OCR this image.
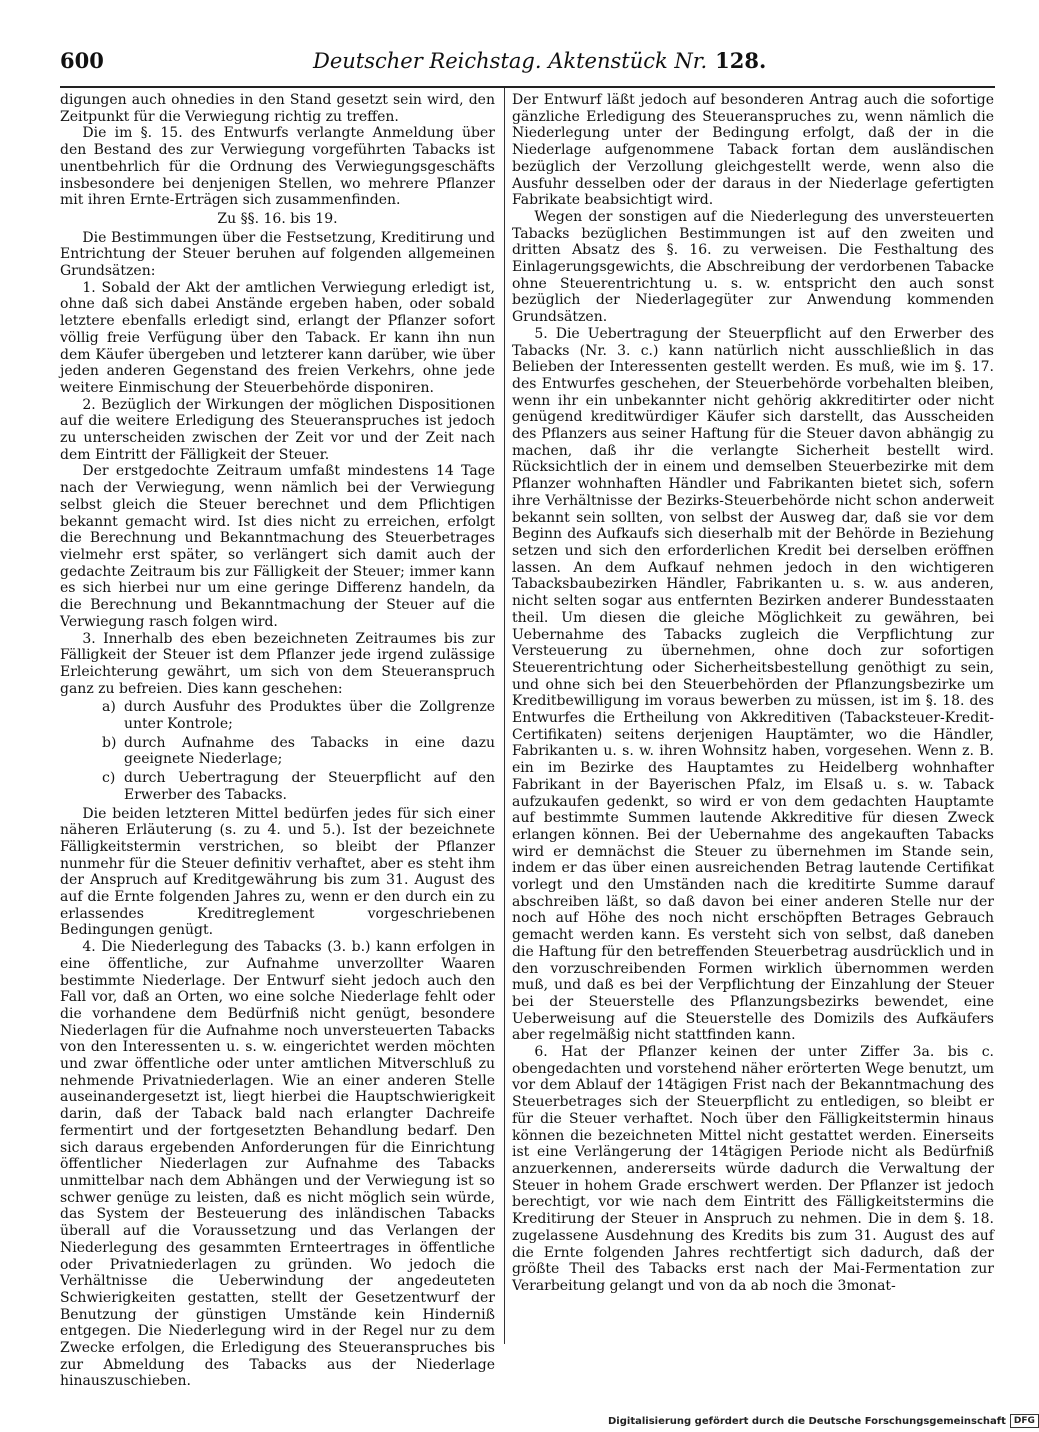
600	Deutscher Reichstag. Aktenstück Nr. 128.

digungen auch ohnedies in den Stand gesetzt sein wird, den Zeitpunkt für die Verwiegung richtig zu treffen.

Die im §. 15. des Entwurfs verlangte Anmeldung über den Bestand des zur Verwiegung vorgeführten Tabacks ist unentbehrlich für die Ordnung des Verwiegungsgeschäfts insbesondere bei denjenigen Stellen, wo mehrere Pflanzer mit ihren Ernte-Erträgen sich zusammenfinden.

Zu §§. 16. bis 19.

Die Bestimmungen über die Festsetzung, Kreditirung und Entrichtung der Steuer beruhen auf folgenden allgemeinen Grundsätzen:

1. Sobald der Akt der amtlichen Verwiegung erledigt ist, ohne daß sich dabei Anstände ergeben haben, oder sobald letztere ebenfalls erledigt sind, erlangt der Pflanzer sofort völlig freie Verfügung über den Taback. Er kann ihn nun dem Käufer übergeben und letzterer kann darüber, wie über jeden anderen Gegenstand des freien Verkehrs, ohne jede weitere Einmischung der Steuerbehörde disponiren.

2. Bezüglich der Wirkungen der möglichen Dispositionen auf die weitere Erledigung des Steueranspruches ist jedoch zu unterscheiden zwischen der Zeit vor und der Zeit nach dem Eintritt der Fälligkeit der Steuer.

Der erstgedochte Zeitraum umfaßt mindestens 14 Tage nach der Verwiegung, wenn nämlich bei der Verwiegung selbst gleich die Steuer berechnet und dem Pflichtigen bekannt gemacht wird. Ist dies nicht zu erreichen, erfolgt die Berechnung und Bekanntmachung des Steuerbetrages vielmehr erst später, so verlängert sich damit auch der gedachte Zeitraum bis zur Fälligkeit der Steuer; immer kann es sich hierbei nur um eine geringe Differenz handeln, da die Berechnung und Bekanntmachung der Steuer auf die Verwiegung rasch folgen wird.

3. Innerhalb des eben bezeichneten Zeitraumes bis zur Fälligkeit der Steuer ist dem Pflanzer jede irgend zulässige Erleichterung gewährt, um sich von dem Steueranspruch ganz zu befreien. Dies kann geschehen:

a) durch Ausfuhr des Produktes über die Zollgrenze unter Kontrole;
b) durch Aufnahme des Tabacks in eine dazu geeignete Niederlage;
c) durch Uebertragung der Steuerpflicht auf den Erwerber des Tabacks.

Die beiden letzteren Mittel bedürfen jedes für sich einer näheren Erläuterung (s. zu 4. und 5.). Ist der bezeichnete Fälligkeitstermin verstrichen, so bleibt der Pflanzer nunmehr für die Steuer definitiv verhaftet, aber es steht ihm der Anspruch auf Kreditgewährung bis zum 31. August des auf die Ernte folgenden Jahres zu, wenn er den durch ein zu erlassendes Kreditreglement vorgeschriebenen Bedingungen genügt.

4. Die Niederlegung des Tabacks (3. b.) kann erfolgen in eine öffentliche, zur Aufnahme unverzollter Waaren bestimmte Niederlage. Der Entwurf sieht jedoch auch den Fall vor, daß an Orten, wo eine solche Niederlage fehlt oder die vorhandene dem Bedürfniß nicht genügt, besondere Niederlagen für die Aufnahme noch unversteuerten Tabacks von den Interessenten u. s. w. eingerichtet werden möchten und zwar öffentliche oder unter amtlichen Mitverschluß zu nehmende Privatniederlagen. Wie an einer anderen Stelle auseinandergesetzt ist, liegt hierbei die Hauptschwierigkeit darin, daß der Taback bald nach erlangter Dachreife fermentirt und der fortgesetzten Behandlung bedarf. Den sich daraus ergebenden Anforderungen für die Einrichtung öffentlicher Niederlagen zur Aufnahme des Tabacks unmittelbar nach dem Abhängen und der Verwiegung ist so schwer genüge zu leisten, daß es nicht möglich sein würde, das System der Besteuerung des inländischen Tabacks überall auf die Voraussetzung und das Verlangen der Niederlegung des gesammten Ernteertrages in öffentliche oder Privatniederlagen zu gründen. Wo jedoch die Verhältnisse die Ueberwindung der angedeuteten Schwierigkeiten gestatten, stellt der Gesetzentwurf der Benutzung der günstigen Umstände kein Hinderniß entgegen. Die Niederlegung wird in der Regel nur zu dem Zwecke erfolgen, die Erledigung des Steueranspruches bis zur Abmeldung des Tabacks aus der Niederlage hinauszuschieben.

Der Entwurf läßt jedoch auf besonderen Antrag auch die sofortige gänzliche Erledigung des Steueranspruches zu, wenn nämlich die Niederlegung unter der Bedingung erfolgt, daß der in die Niederlage aufgenommene Taback fortan dem ausländischen bezüglich der Verzollung gleichgestellt werde, wenn also die Ausfuhr desselben oder der daraus in der Niederlage gefertigten Fabrikate beabsichtigt wird.

Wegen der sonstigen auf die Niederlegung des unversteuerten Tabacks bezüglichen Bestimmungen ist auf den zweiten und dritten Absatz des §. 16. zu verweisen. Die Festhaltung des Einlagerungsgewichts, die Abschreibung der verdorbenen Tabacke ohne Steuerentrichtung u. s. w. entspricht den auch sonst bezüglich der Niederlagegüter zur Anwendung kommenden Grundsätzen.

5. Die Uebertragung der Steuerpflicht auf den Erwerber des Tabacks (Nr. 3. c.) kann natürlich nicht ausschließlich in das Belieben der Interessenten gestellt werden. Es muß, wie im §. 17. des Entwurfes geschehen, der Steuerbehörde vorbehalten bleiben, wenn ihr ein unbekannter nicht gehörig akkreditirter oder nicht genügend kreditwürdiger Käufer sich darstellt, das Ausscheiden des Pflanzers aus seiner Haftung für die Steuer davon abhängig zu machen, daß ihr die verlangte Sicherheit bestellt wird. Rücksichtlich der in einem und demselben Steuerbezirke mit dem Pflanzer wohnhaften Händler und Fabrikanten bietet sich, sofern ihre Verhältnisse der Bezirks-Steuerbehörde nicht schon anderweit bekannt sein sollten, von selbst der Ausweg dar, daß sie vor dem Beginn des Aufkaufs sich dieserhalb mit der Behörde in Beziehung setzen und sich den erforderlichen Kredit bei derselben eröffnen lassen. An dem Aufkauf nehmen jedoch in den wichtigeren Tabacksbaubezirken Händler, Fabrikanten u. s. w. aus anderen, nicht selten sogar aus entfernten Bezirken anderer Bundesstaaten theil. Um diesen die gleiche Möglichkeit zu gewähren, bei Uebernahme des Tabacks zugleich die Verpflichtung zur Versteuerung zu übernehmen, ohne doch zur sofortigen Steuerentrichtung oder Sicherheitsbestellung genöthigt zu sein, und ohne sich bei den Steuerbehörden der Pflanzungsbezirke um Kreditbewilligung im voraus bewerben zu müssen, ist im §. 18. des Entwurfes die Ertheilung von Akkreditiven (Tabacksteuer-Kredit-Certifikaten) seitens derjenigen Hauptämter, wo die Händler, Fabrikanten u. s. w. ihren Wohnsitz haben, vorgesehen. Wenn z. B. ein im Bezirke des Hauptamtes zu Heidelberg wohnhafter Fabrikant in der Bayerischen Pfalz, im Elsaß u. s. w. Taback aufzukaufen gedenkt, so wird er von dem gedachten Hauptamte auf bestimmte Summen lautende Akkreditive für diesen Zweck erlangen können. Bei der Uebernahme des angekauften Tabacks wird er demnächst die Steuer zu übernehmen im Stande sein, indem er das über einen ausreichenden Betrag lautende Certifikat vorlegt und den Umständen nach die kreditirte Summe darauf abschreiben läßt, so daß davon bei einer anderen Stelle nur der noch auf Höhe des noch nicht erschöpften Betrages Gebrauch gemacht werden kann. Es versteht sich von selbst, daß daneben die Haftung für den betreffenden Steuerbetrag ausdrücklich und in den vorzuschreibenden Formen wirklich übernommen werden muß, und daß es bei der Verpflichtung der Einzahlung der Steuer bei der Steuerstelle des Pflanzungsbezirks bewendet, eine Ueberweisung auf die Steuerstelle des Domizils des Aufkäufers aber regelmäßig nicht stattfinden kann.

6. Hat der Pflanzer keinen der unter Ziffer 3a. bis c. obengedachten und vorstehend näher erörterten Wege benutzt, um vor dem Ablauf der 14tägigen Frist nach der Bekanntmachung des Steuerbetrages sich der Steuerpflicht zu entledigen, so bleibt er für die Steuer verhaftet. Noch über den Fälligkeitstermin hinaus können die bezeichneten Mittel nicht gestattet werden. Einerseits ist eine Verlängerung der 14tägigen Periode nicht als Bedürfniß anzuerkennen, andererseits würde dadurch die Verwaltung der Steuer in hohem Grade erschwert werden. Der Pflanzer ist jedoch berechtigt, vor wie nach dem Eintritt des Fälligkeitstermins die Kreditirung der Steuer in Anspruch zu nehmen. Die in dem §. 18. zugelassene Ausdehnung des Kredits bis zum 31. August des auf die Ernte folgenden Jahres rechtfertigt sich dadurch, daß der größte Theil des Tabacks erst nach der Mai-Fermentation zur Verarbeitung gelangt und von da ab noch die 3monat-

Digitalisierung gefördert durch die Deutsche Forschungsgemeinschaft DFG
